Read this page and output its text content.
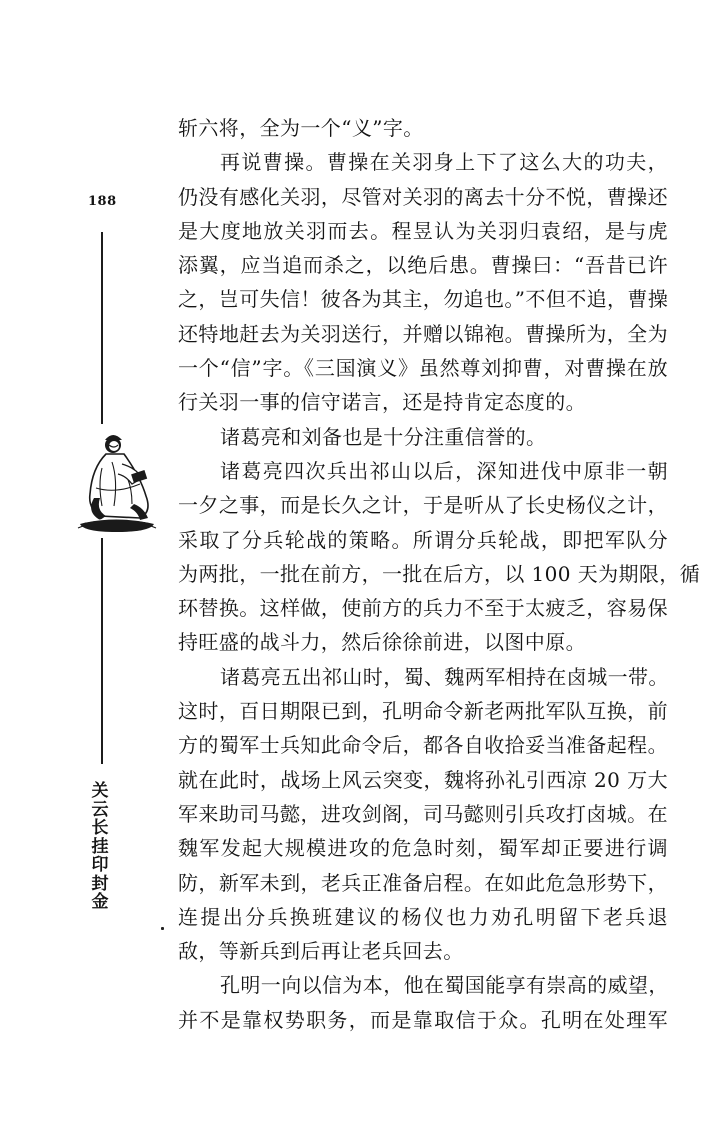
188
关
云
长
挂
印
封
金
斩六将，全为一个“义”字。
再说曹操。曹操在关羽身上下了这么大的功夫，
仍没有感化关羽，尽管对关羽的离去十分不悦，曹操还
是大度地放关羽而去。程昱认为关羽归袁绍，是与虎
添翼，应当追而杀之，以绝后患。曹操曰：“吾昔已许
之，岂可失信！彼各为其主，勿追也。”不但不追，曹操
还特地赶去为关羽送行，并赠以锦袍。曹操所为，全为
一个“信”字。《三国演义》虽然尊刘抑曹，对曹操在放
行关羽一事的信守诺言，还是持肯定态度的。
诸葛亮和刘备也是十分注重信誉的。
诸葛亮四次兵出祁山以后，深知进伐中原非一朝
一夕之事，而是长久之计，于是听从了长史杨仪之计，
采取了分兵轮战的策略。所谓分兵轮战，即把军队分
为两批，一批在前方，一批在后方，以 100 天为期限，循
环替换。这样做，使前方的兵力不至于太疲乏，容易保
持旺盛的战斗力，然后徐徐前进，以图中原。
诸葛亮五出祁山时，蜀、魏两军相持在卤城一带。
这时，百日期限已到，孔明命令新老两批军队互换，前
方的蜀军士兵知此命令后，都各自收拾妥当准备起程。
就在此时，战场上风云突变，魏将孙礼引西凉 20 万大
军来助司马懿，进攻剑阁，司马懿则引兵攻打卤城。在
魏军发起大规模进攻的危急时刻，蜀军却正要进行调
防，新军未到，老兵正准备启程。在如此危急形势下，
连提出分兵换班建议的杨仪也力劝孔明留下老兵退
敌，等新兵到后再让老兵回去。
孔明一向以信为本，他在蜀国能享有崇高的威望，
并不是靠权势职务，而是靠取信于众。孔明在处理军
